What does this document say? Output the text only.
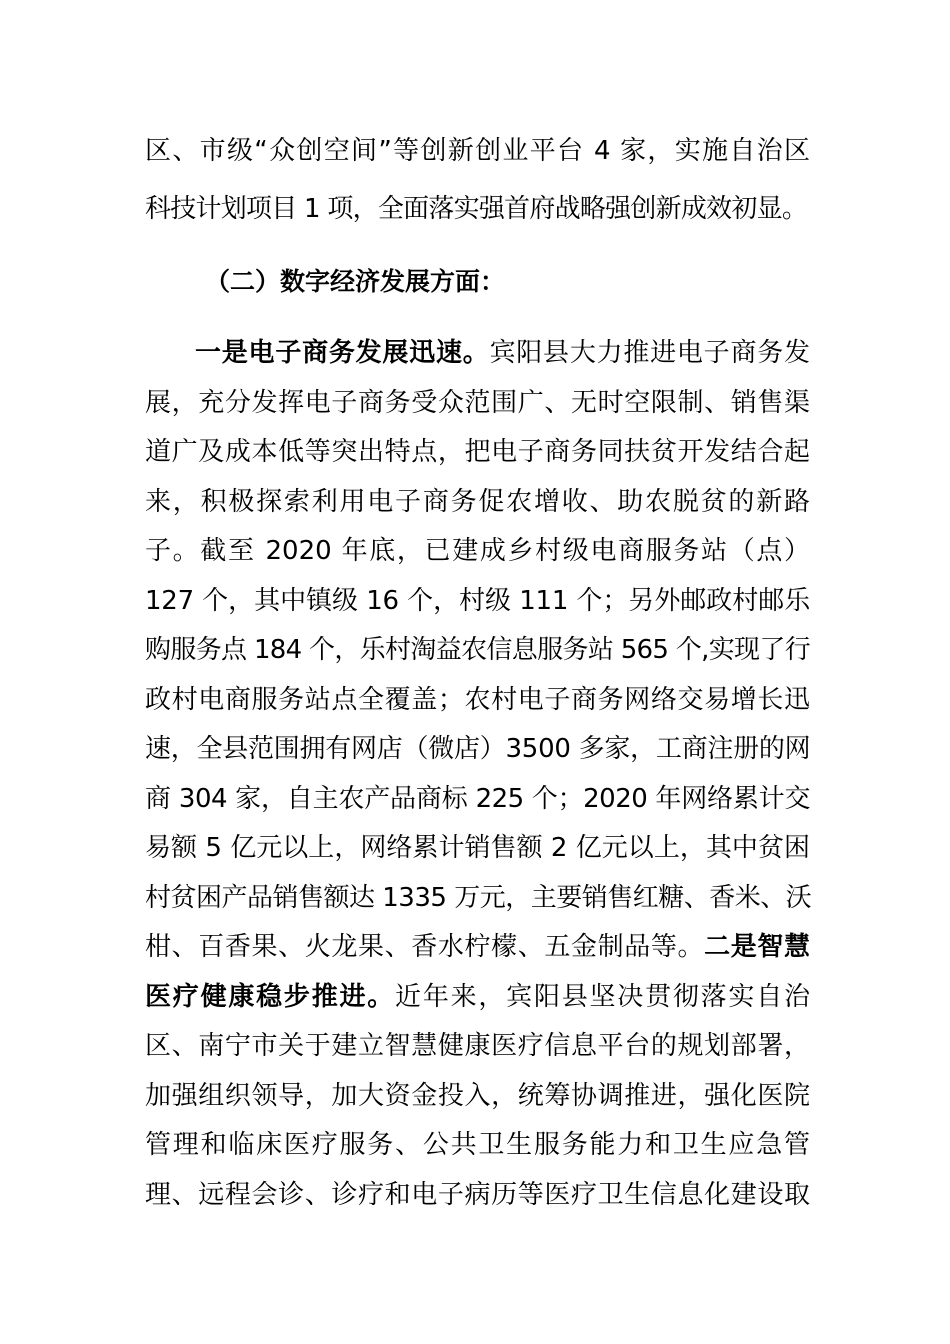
区、市级“众创空间”等创新创业平台 4 家，实施自治区
科技计划项目 1 项，全面落实强首府战略强创新成效初显。
（二）数字经济发展方面：
一是电子商务发展迅速。宾阳县大力推进电子商务发
展，充分发挥电子商务受众范围广、无时空限制、销售渠
道广及成本低等突出特点，把电子商务同扶贫开发结合起
来，积极探索利用电子商务促农增收、助农脱贫的新路
子。截至 2020 年底，已建成乡村级电商服务站（点）
127 个，其中镇级 16 个，村级 111 个；另外邮政村邮乐
购服务点 184 个，乐村淘益农信息服务站 565 个,实现了行
政村电商服务站点全覆盖；农村电子商务网络交易增长迅
速，全县范围拥有网店（微店）3500 多家，工商注册的网
商 304 家，自主农产品商标 225 个；2020 年网络累计交
易额 5 亿元以上，网络累计销售额 2 亿元以上，其中贫困
村贫困产品销售额达 1335 万元，主要销售红糖、香米、沃
柑、百香果、火龙果、香水柠檬、五金制品等。二是智慧
医疗健康稳步推进。近年来，宾阳县坚决贯彻落实自治
区、南宁市关于建立智慧健康医疗信息平台的规划部署，
加强组织领导，加大资金投入，统筹协调推进，强化医院
管理和临床医疗服务、公共卫生服务能力和卫生应急管
理、远程会诊、诊疗和电子病历等医疗卫生信息化建设取
